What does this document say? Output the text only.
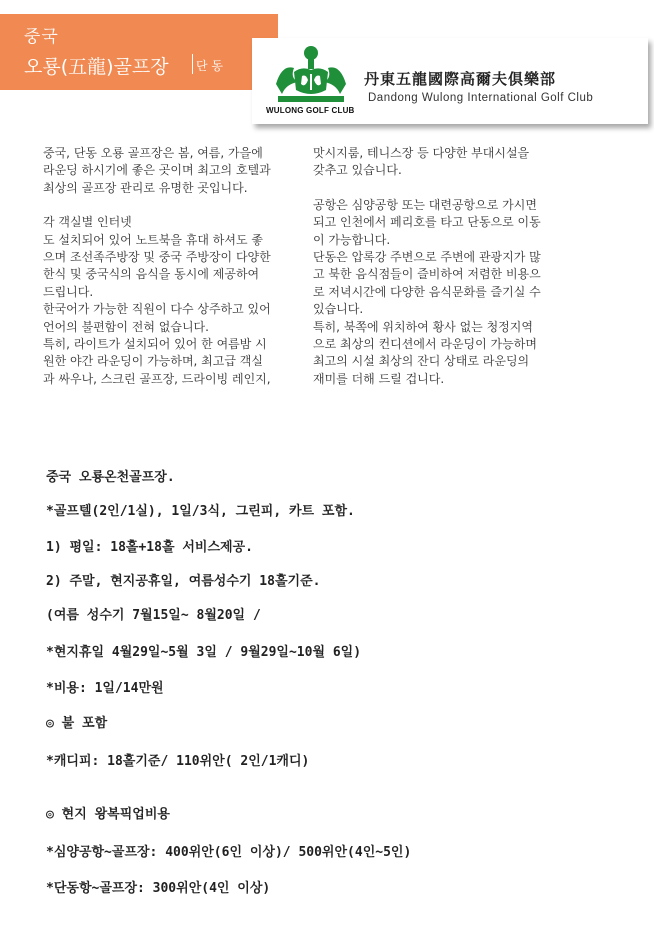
중국
오룡(五龍)골프장 단 동
WULONG GOLF CLUB
丹東五龍國際高爾夫俱樂部
Dandong Wulong International Golf Club

중국, 단동 오룡 골프장은 봄, 여름, 가을에

라운딩 하시기에 좋은 곳이며 최고의 호텔과

최상의 골프장 관리로 유명한 곳입니다.

각 객실별 인터넷

도 설치되어 있어 노트북을 휴대 하셔도 좋

으며 조선족주방장 및 중국 주방장이 다양한

한식 및 중국식의 음식을 동시에 제공하여

드립니다.

한국어가 가능한 직원이 다수 상주하고 있어

언어의 불편함이 전혀 없습니다.

특히, 라이트가 설치되어 있어 한 여름밤 시

원한 야간 라운딩이 가능하며, 최고급 객실

과 싸우나, 스크린 골프장, 드라이빙 레인지,

맛시지룸, 테니스장 등 다양한 부대시설을

갖추고 있습니다.

공항은 심양공항 또는 대련공항으로 가시면

되고 인천에서 페리호를 타고 단동으로 이동

이 가능합니다.

단동은 압록강 주변으로 주변에 관광지가 많

고 북한 음식점들이 즐비하여 저렴한 비용으

로 저녁시간에 다양한 음식문화를 즐기실 수

있습니다.

특히, 북쪽에 위치하여 황사 없는 청정지역

으로 최상의 컨디션에서 라운딩이 가능하며

최고의 시설 최상의 잔디 상태로 라운딩의

재미를 더해 드릴 겁니다.

중국 오룡온천골프장.
*골프텔(2인/1실), 1일/3식, 그린피, 카트 포함.
1) 평일: 18홀+18홀 서비스제공.
2) 주말, 현지공휴일, 여름성수기 18홀기준.
(여름 성수기 7월15일~ 8월20일 /
*현지휴일 4월29일~5월 3일 / 9월29일~10월 6일)
*비용: 1일/14만원
◎ 불 포함
*캐디피: 18홀기준/ 110위안( 2인/1캐디)
◎ 현지 왕복픽업비용
*심양공항~골프장: 400위안(6인 이상)/ 500위안(4인~5인)
*단동항~골프장: 300위안(4인 이상)
